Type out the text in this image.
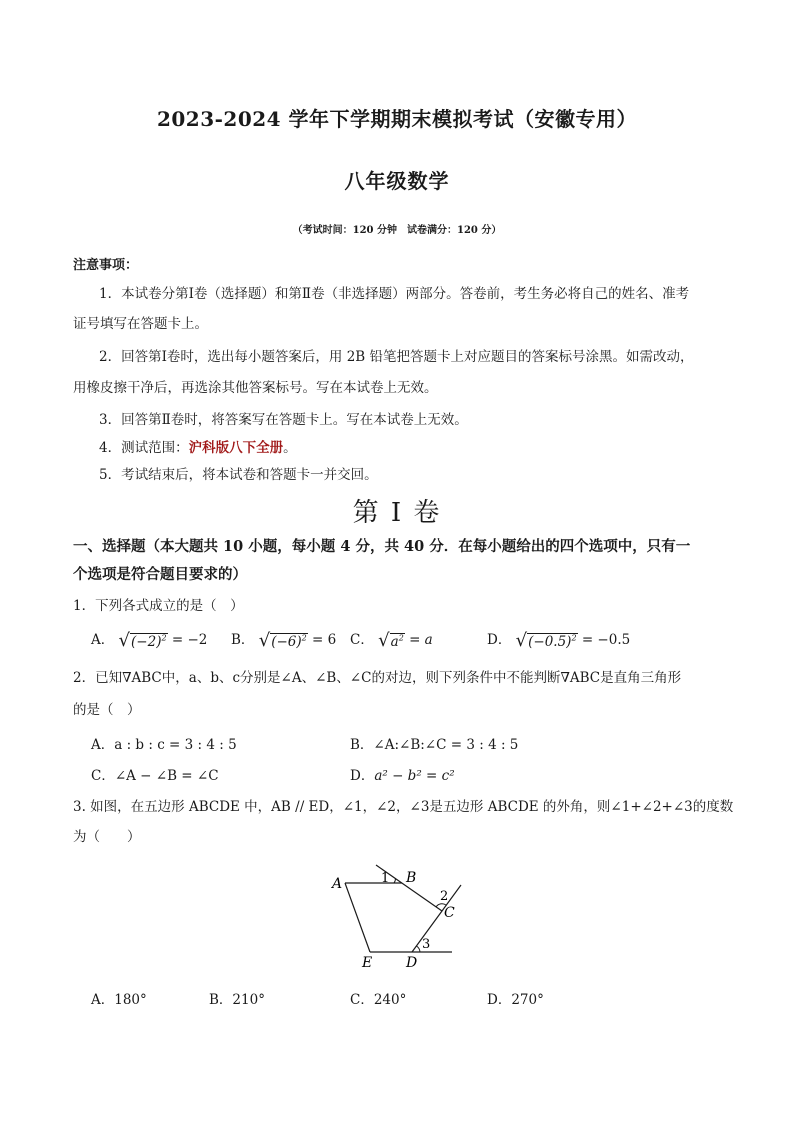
2023-2024 学年下学期期末模拟考试（安徽专用）
八年级数学
（考试时间：120 分钟　试卷满分：120 分）
注意事项：
1．本试卷分第Ⅰ卷（选择题）和第Ⅱ卷（非选择题）两部分。答卷前，考生务必将自己的姓名、准考
证号填写在答题卡上。
2．回答第Ⅰ卷时，选出每小题答案后，用 2B 铅笔把答题卡上对应题目的答案标号涂黑。如需改动，
用橡皮擦干净后，再选涂其他答案标号。写在本试卷上无效。
3．回答第Ⅱ卷时，将答案写在答题卡上。写在本试卷上无效。
4．测试范围：沪科版八下全册。
5．考试结束后，将本试卷和答题卡一并交回。
第 I 卷
一、选择题（本大题共 10 小题，每小题 4 分，共 40 分．在每小题给出的四个选项中，只有一
个选项是符合题目要求的）
1．下列各式成立的是（　）
A． $√(-2)^2 = -2$ B． $√(-6)^2 = 6$ C． $√a^2 = a$	D． $√(-0.5)^2 = -0.5$
2．已知∇ABC中，a、b、c分别是∠A、∠B、∠C的对边，则下列条件中不能判断∇ABC是直角三角形
的是（　）
A．a : b : c = 3 : 4 : 5	B．∠A:∠B:∠C = 3 : 4 : 5
C．∠A − ∠B = ∠C	D．a² − b² = c²
3. 如图，在五边形 ABCDE 中，AB // ED，∠1，∠2，∠3是五边形 ABCDE 的外角，则∠1+∠2+∠3的度数
为（　　）
A	B
C
D
E
1
2
3
A．180°	B．210°	C．240°	D．270°
